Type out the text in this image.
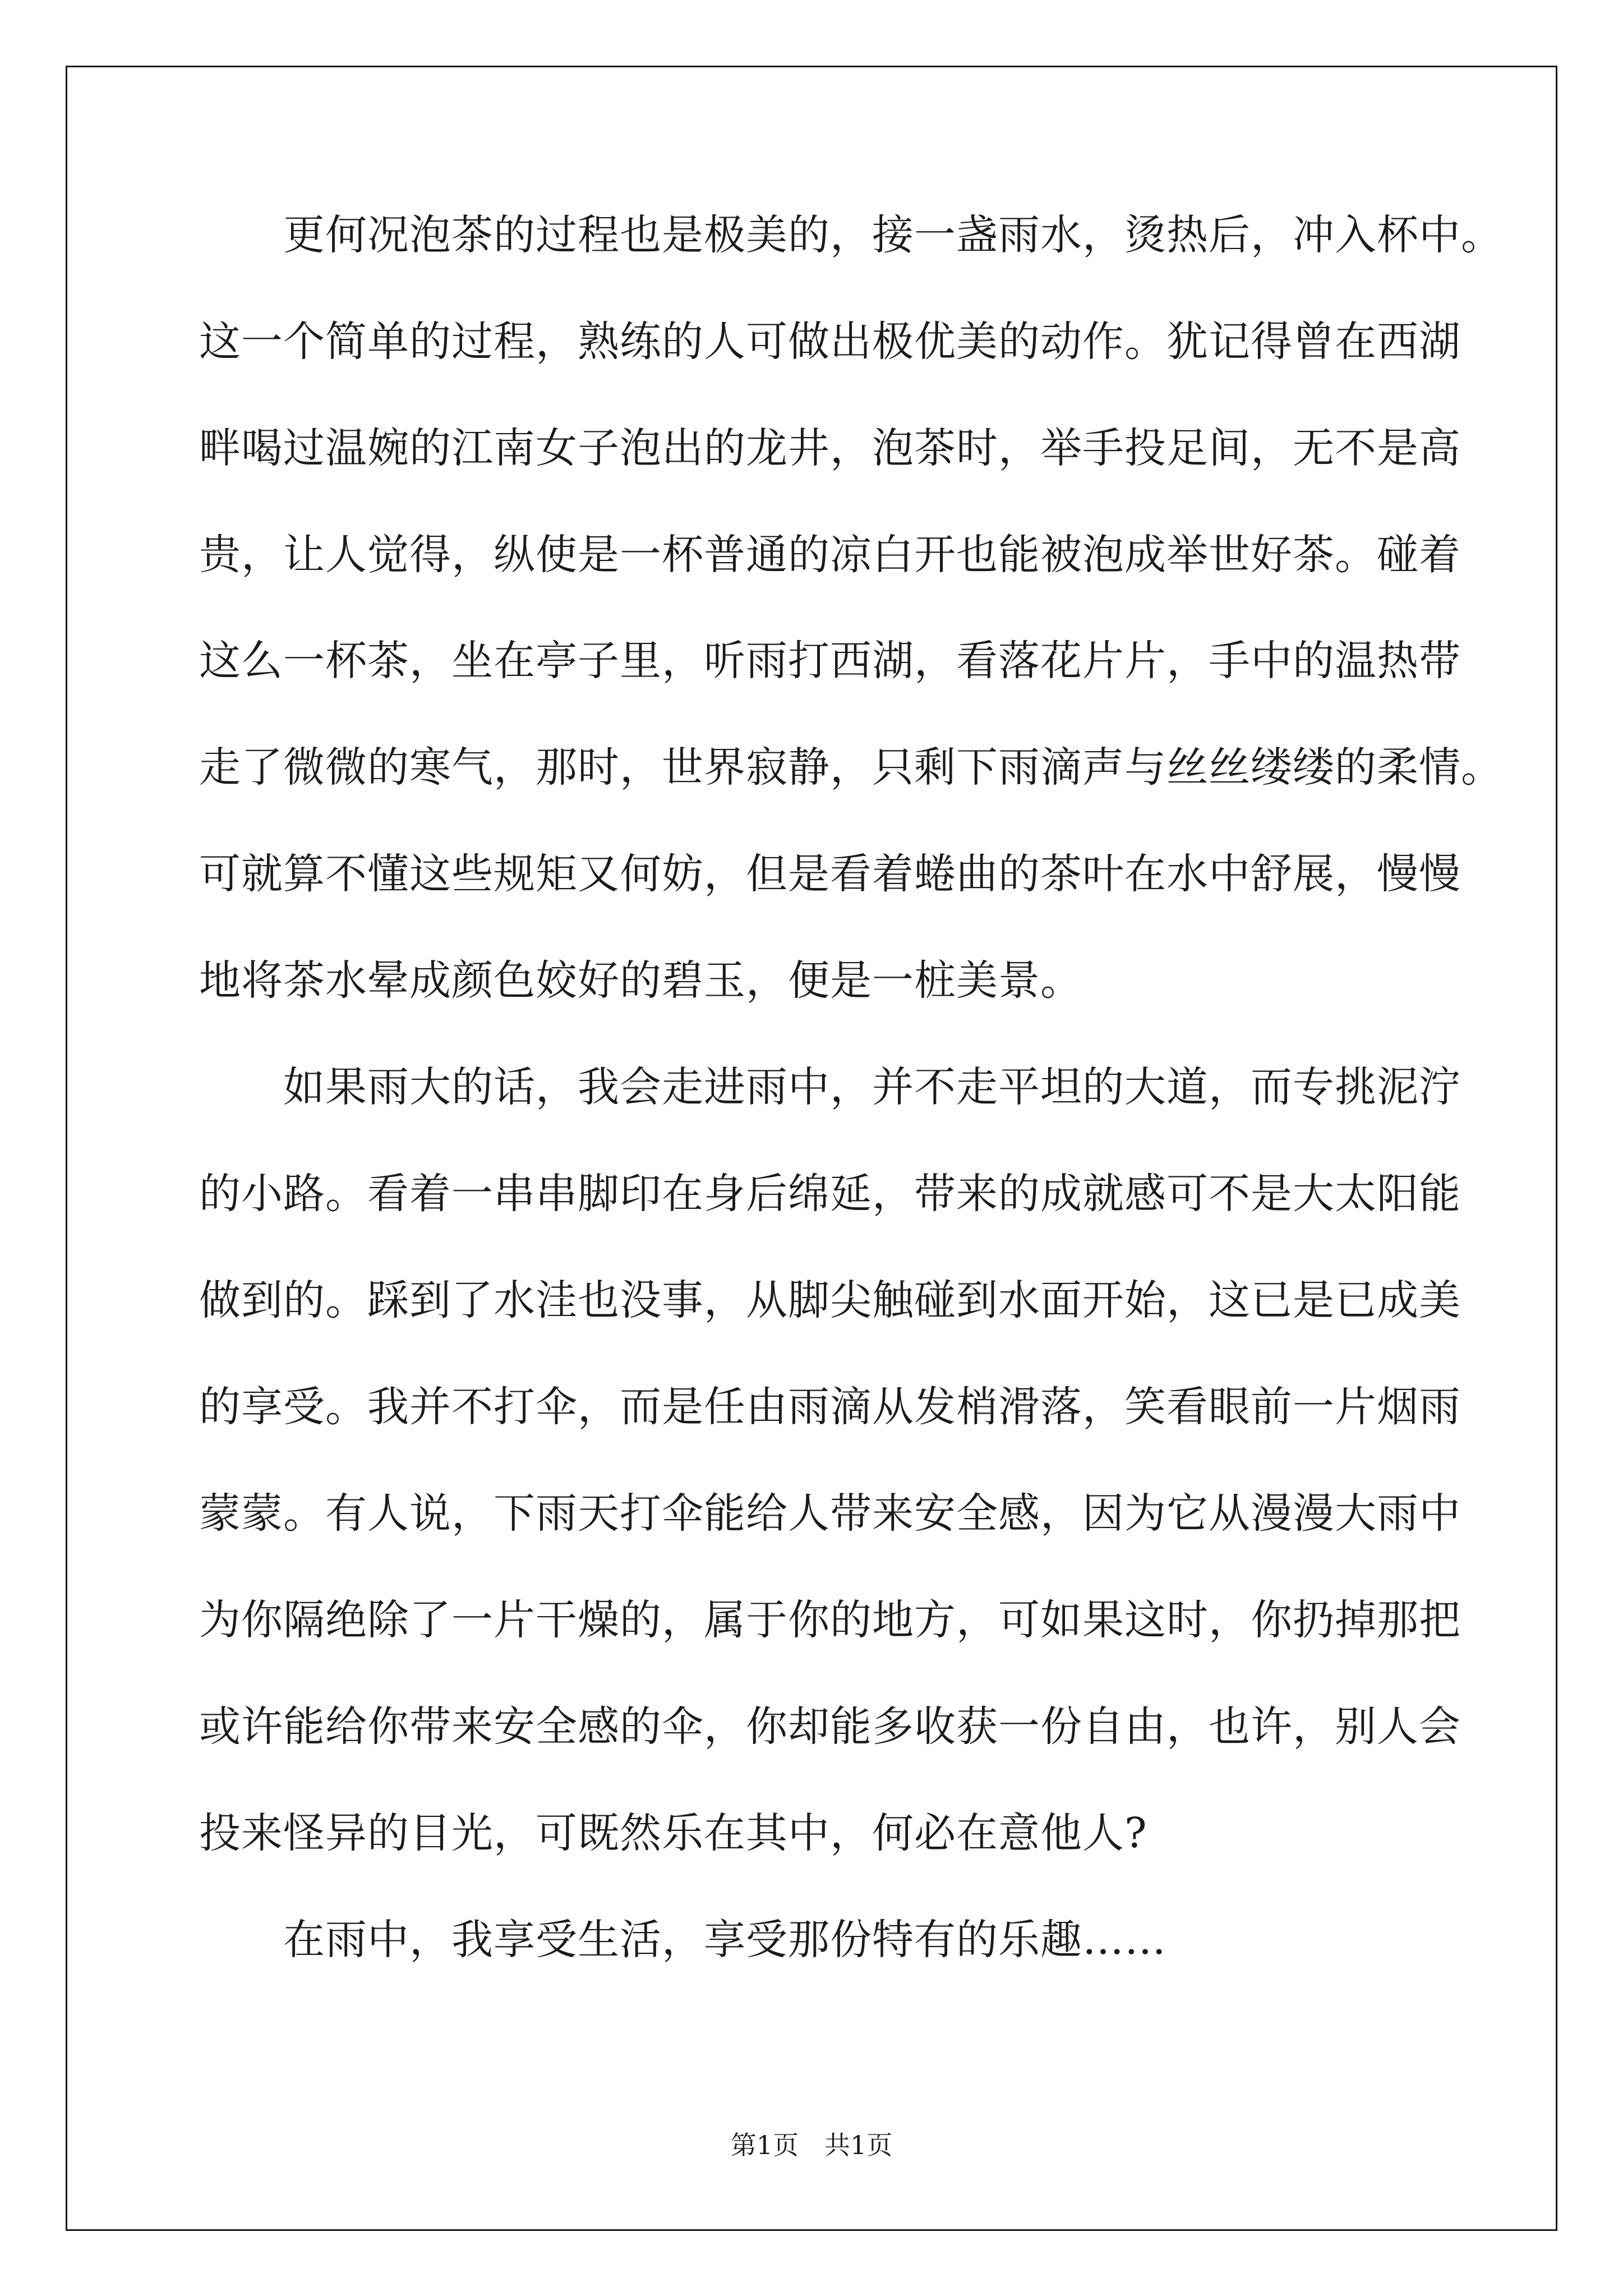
　　更何况泡茶的过程也是极美的，接一盏雨水，烫热后，冲入杯中。
这一个简单的过程，熟练的人可做出极优美的动作。犹记得曾在西湖
畔喝过温婉的江南女子泡出的龙井，泡茶时，举手投足间，无不是高
贵，让人觉得，纵使是一杯普通的凉白开也能被泡成举世好茶。碰着
这么一杯茶，坐在亭子里，听雨打西湖，看落花片片，手中的温热带
走了微微的寒气，那时，世界寂静，只剩下雨滴声与丝丝缕缕的柔情。
可就算不懂这些规矩又何妨，但是看着蜷曲的茶叶在水中舒展，慢慢
地将茶水晕成颜色姣好的碧玉，便是一桩美景。
　　如果雨大的话，我会走进雨中，并不走平坦的大道，而专挑泥泞
的小路。看着一串串脚印在身后绵延，带来的成就感可不是大太阳能
做到的。踩到了水洼也没事，从脚尖触碰到水面开始，这已是已成美
的享受。我并不打伞，而是任由雨滴从发梢滑落，笑看眼前一片烟雨
蒙蒙。有人说，下雨天打伞能给人带来安全感，因为它从漫漫大雨中
为你隔绝除了一片干燥的，属于你的地方，可如果这时，你扔掉那把
或许能给你带来安全感的伞，你却能多收获一份自由，也许，别人会
投来怪异的目光，可既然乐在其中，何必在意他人?
　　在雨中，我享受生活，享受那份特有的乐趣……
第1页　共1页
